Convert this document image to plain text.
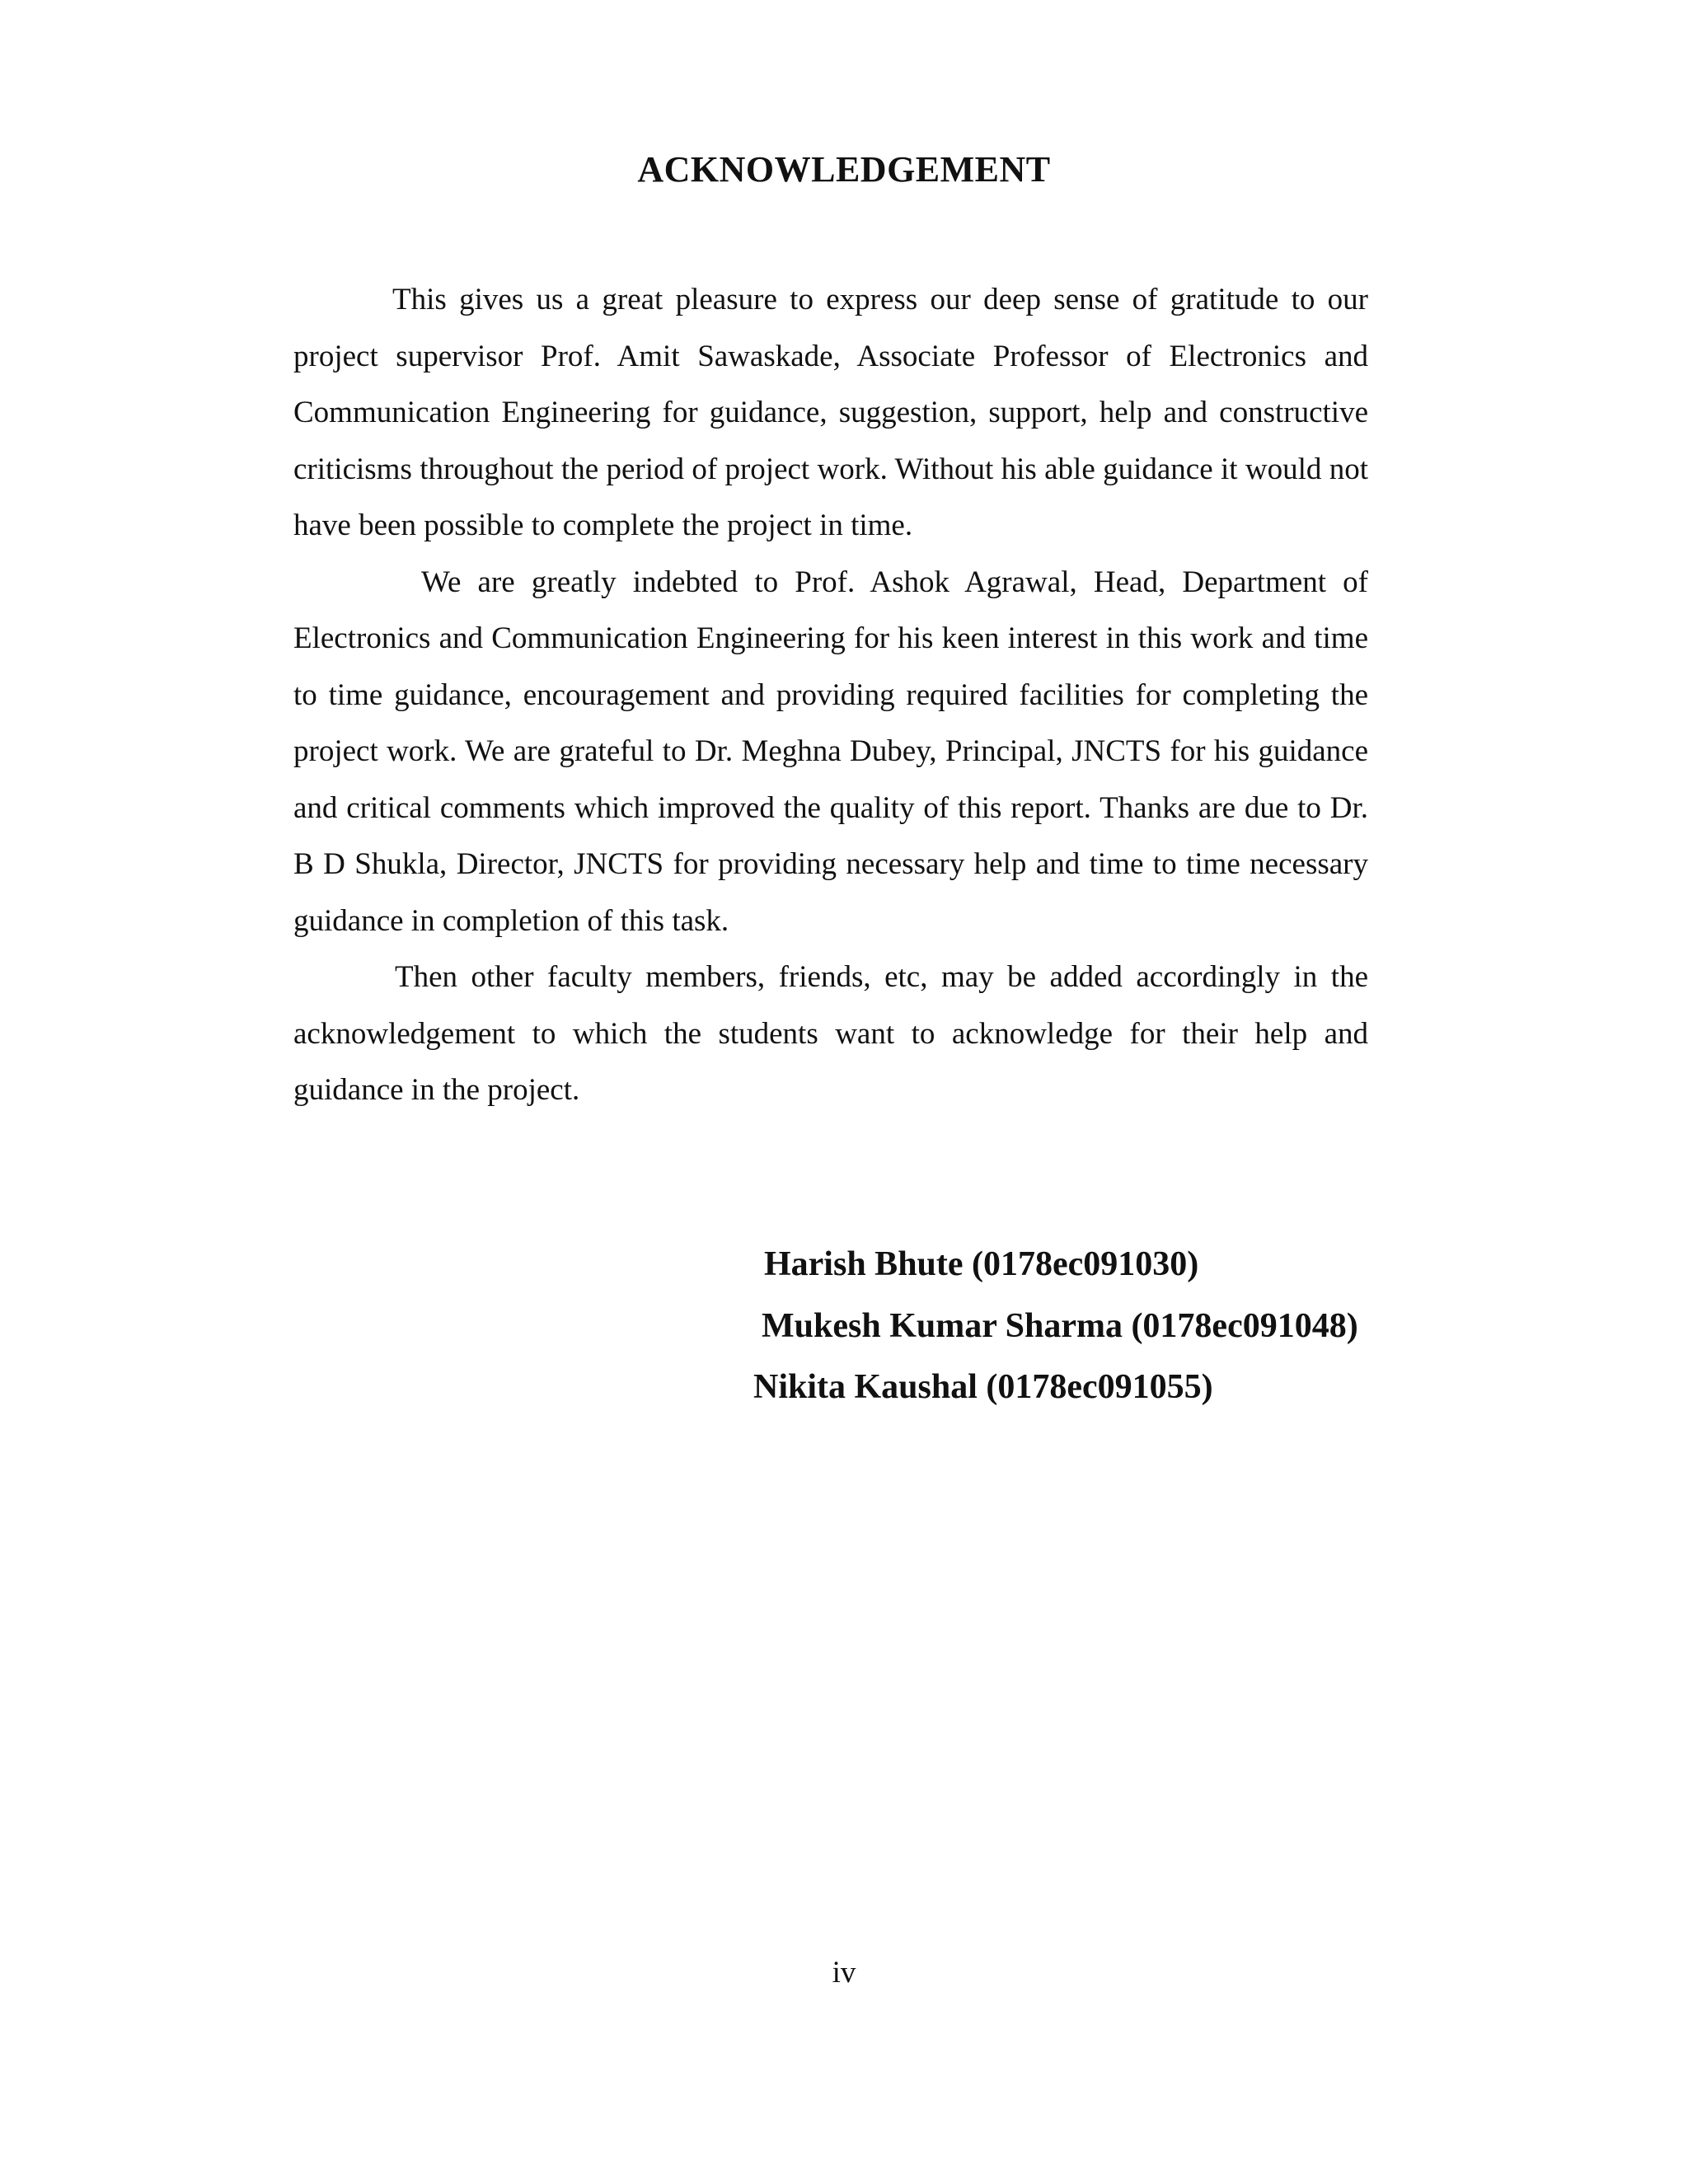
ACKNOWLEDGEMENT

This gives us a great pleasure to express our deep sense of gratitude to our project supervisor Prof. Amit Sawaskade, Associate Professor of Electronics and Communication Engineering for guidance, suggestion, support, help and constructive criticisms throughout the period of project work. Without his able guidance it would not have been possible to complete the project in time.

We are greatly indebted to Prof. Ashok Agrawal, Head, Department of Electronics and Communication Engineering for his keen interest in this work and time to time guidance, encouragement and providing required facilities for completing the project work. We are grateful to Dr. Meghna Dubey, Principal, JNCTS for his guidance and critical comments which improved the quality of this report. Thanks are due to Dr. B D Shukla, Director, JNCTS for providing necessary help and time to time necessary guidance in completion of this task.

Then other faculty members, friends, etc, may be added accordingly in the acknowledgement to which the students want to acknowledge for their help and guidance in the project.

Harish Bhute (0178ec091030)
Mukesh Kumar Sharma (0178ec091048)
Nikita Kaushal (0178ec091055)
iv
